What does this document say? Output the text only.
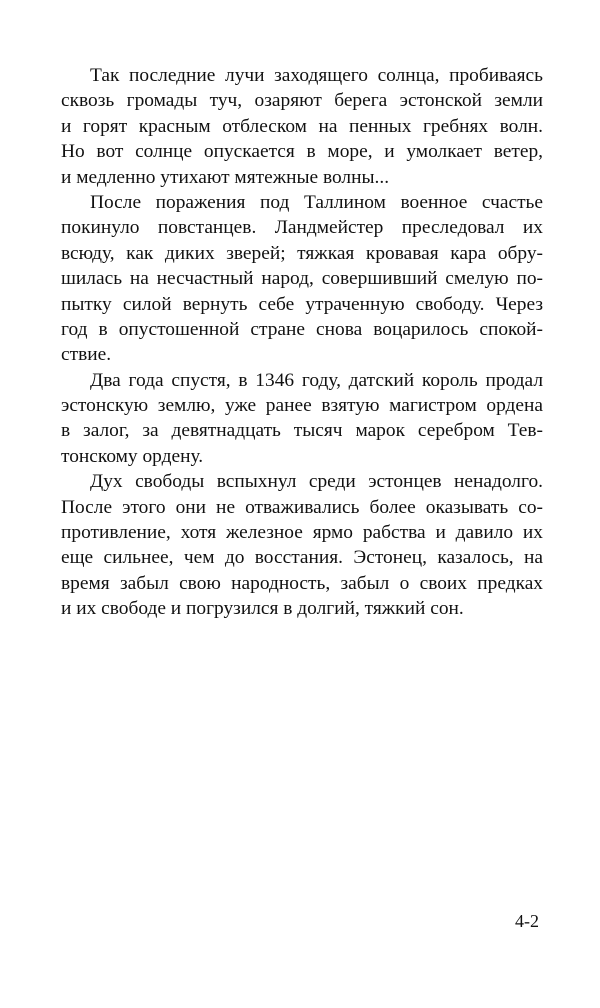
Так последние лучи заходящего солнца, пробиваясь
сквозь громады туч, озаряют берега эстонской земли
и горят красным отблеском на пенных гребнях волн.
Но вот солнце опускается в море, и умолкает ветер,
и медленно утихают мятежные волны...
После поражения под Таллином военное счастье
покинуло повстанцев. Ландмейстер преследовал их
всюду, как диких зверей; тяжкая кровавая кара обру-
шилась на несчастный народ, совершивший смелую по-
пытку силой вернуть себе утраченную свободу. Через
год в опустошенной стране снова воцарилось спокой-
ствие.
Два года спустя, в 1346 году, датский король продал
эстонскую землю, уже ранее взятую магистром ордена
в залог, за девятнадцать тысяч марок серебром Тев-
тонскому ордену.
Дух свободы вспыхнул среди эстонцев ненадолго.
После этого они не отваживались более оказывать со-
противление, хотя железное ярмо рабства и давило их
еще сильнее, чем до восстания. Эстонец, казалось, на
время забыл свою народность, забыл о своих предках
и их свободе и погрузился в долгий, тяжкий сон.
4-2
